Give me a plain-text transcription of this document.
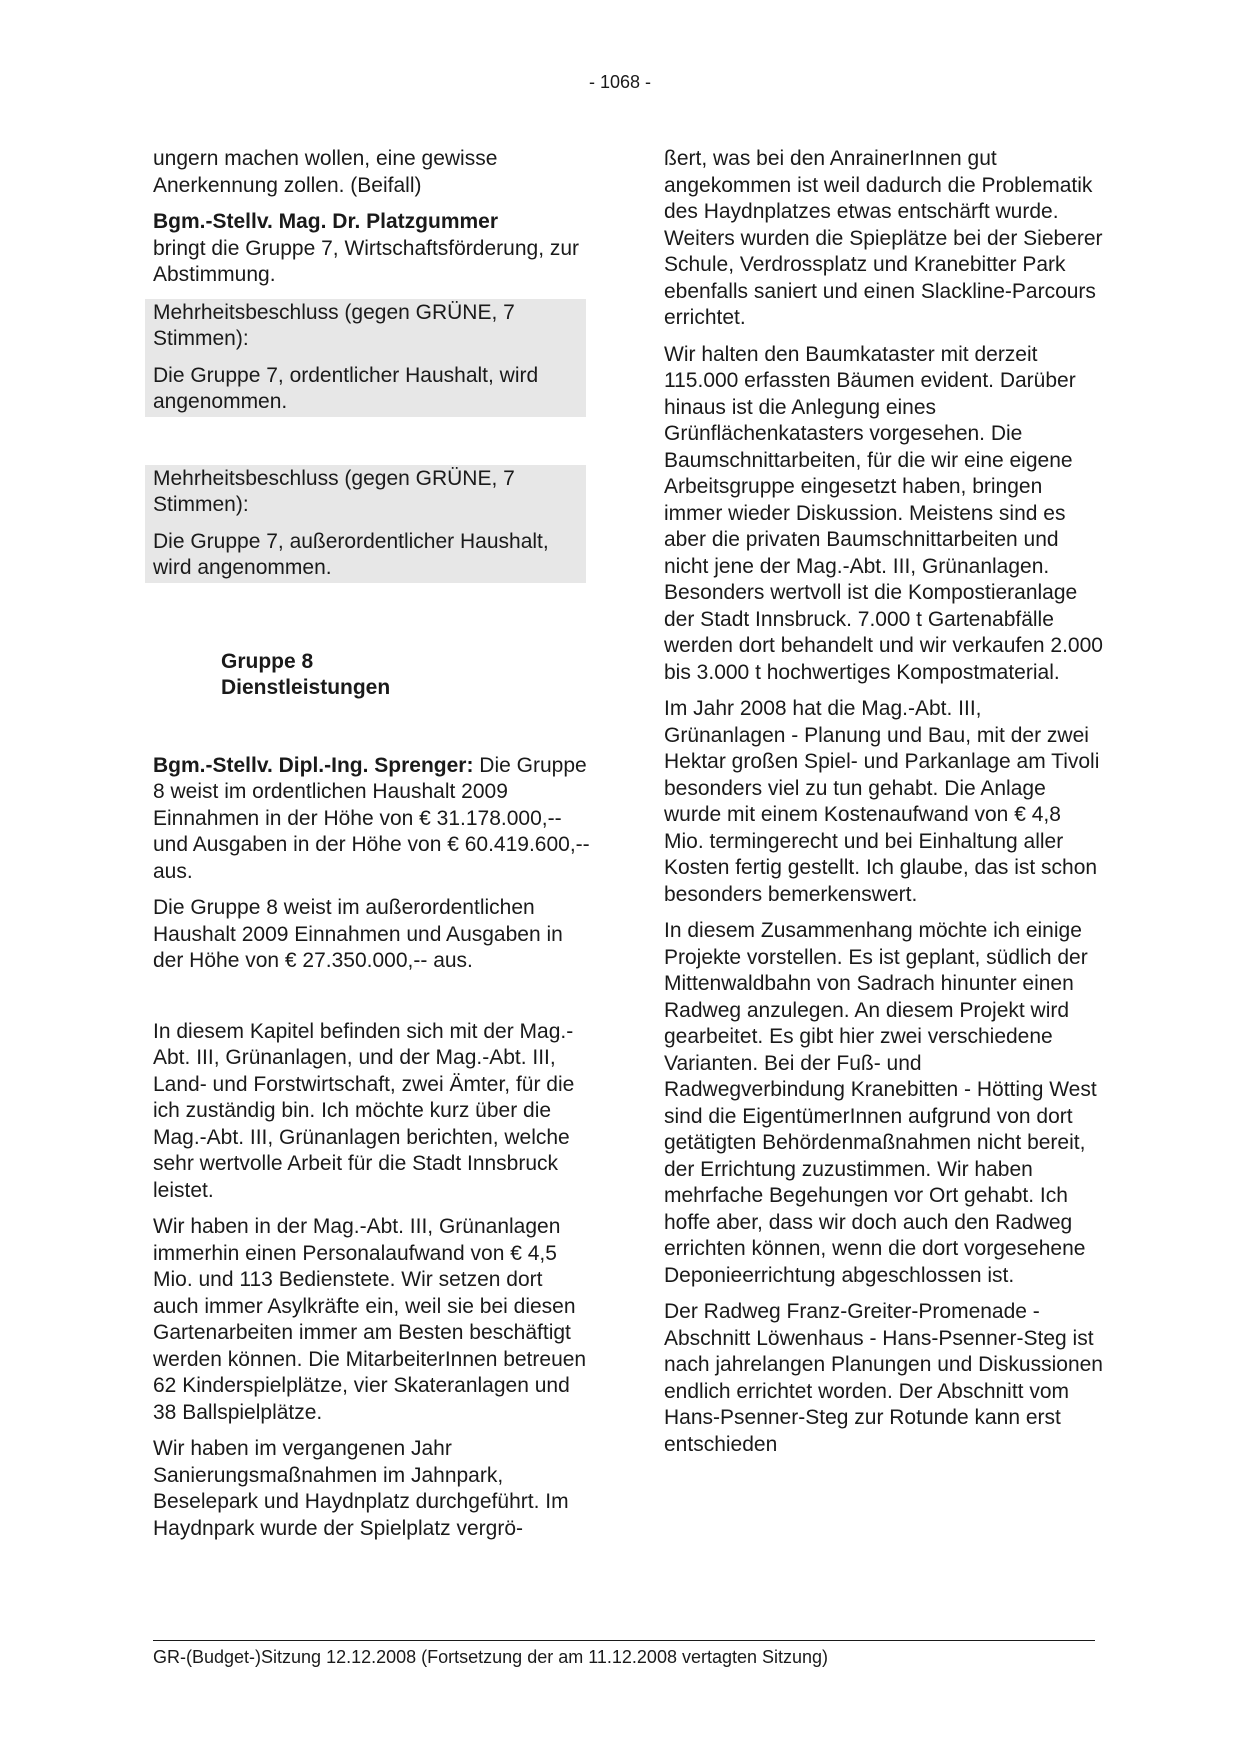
- 1068 -

ungern machen wollen, eine gewisse Anerkennung zollen. (Beifall)

Bgm.-Stellv. Mag. Dr. Platzgummer
bringt die Gruppe 7, Wirtschaftsförderung, zur Abstimmung.

Mehrheitsbeschluss (gegen GRÜNE, 7 Stimmen):

Die Gruppe 7, ordentlicher Haushalt, wird angenommen.

Mehrheitsbeschluss (gegen GRÜNE, 7 Stimmen):

Die Gruppe 7, außerordentlicher Haushalt, wird angenommen.

Gruppe 8
Dienstleistungen

Bgm.-Stellv. Dipl.-Ing. Sprenger: Die Gruppe 8 weist im ordentlichen Haushalt 2009 Einnahmen in der Höhe von € 31.178.000,-- und Ausgaben in der Höhe von € 60.419.600,-- aus.

Die Gruppe 8 weist im außerordentlichen Haushalt 2009 Einnahmen und Ausgaben in der Höhe von € 27.350.000,-- aus.

In diesem Kapitel befinden sich mit der Mag.-Abt. III, Grünanlagen, und der Mag.-Abt. III, Land- und Forstwirtschaft, zwei Ämter, für die ich zuständig bin. Ich möchte kurz über die Mag.-Abt. III, Grünanlagen berichten, welche sehr wertvolle Arbeit für die Stadt Innsbruck leistet.

Wir haben in der Mag.-Abt. III, Grünanlagen immerhin einen Personalaufwand von € 4,5 Mio. und 113 Bedienstete. Wir setzen dort auch immer Asylkräfte ein, weil sie bei diesen Gartenarbeiten immer am Besten beschäftigt werden können. Die MitarbeiterInnen betreuen 62 Kinderspielplätze, vier Skateranlagen und 38 Ballspielplätze.

Wir haben im vergangenen Jahr Sanierungsmaßnahmen im Jahnpark, Beselepark und Haydnplatz durchgeführt. Im Haydnpark wurde der Spielplatz vergrö-

ßert, was bei den AnrainerInnen gut angekommen ist weil dadurch die Problematik des Haydnplatzes etwas entschärft wurde. Weiters wurden die Spieplätze bei der Sieberer Schule, Verdrossplatz und Kranebitter Park ebenfalls saniert und einen Slackline-Parcours errichtet.

Wir halten den Baumkataster mit derzeit 115.000 erfassten Bäumen evident. Darüber hinaus ist die Anlegung eines Grünflächenkatasters vorgesehen. Die Baumschnittarbeiten, für die wir eine eigene Arbeitsgruppe eingesetzt haben, bringen immer wieder Diskussion. Meistens sind es aber die privaten Baumschnittarbeiten und nicht jene der Mag.-Abt. III, Grünanlagen. Besonders wertvoll ist die Kompostieranlage der Stadt Innsbruck. 7.000 t Gartenabfälle werden dort behandelt und wir verkaufen 2.000 bis 3.000 t hochwertiges Kompostmaterial.

Im Jahr 2008 hat die Mag.-Abt. III, Grünanlagen - Planung und Bau, mit der zwei Hektar großen Spiel- und Parkanlage am Tivoli besonders viel zu tun gehabt. Die Anlage wurde mit einem Kostenaufwand von € 4,8 Mio. termingerecht und bei Einhaltung aller Kosten fertig gestellt. Ich glaube, das ist schon besonders bemerkenswert.

In diesem Zusammenhang möchte ich einige Projekte vorstellen. Es ist geplant, südlich der Mittenwaldbahn von Sadrach hinunter einen Radweg anzulegen. An diesem Projekt wird gearbeitet. Es gibt hier zwei verschiedene Varianten. Bei der Fuß- und Radwegverbindung Kranebitten - Hötting West sind die EigentümerInnen aufgrund von dort getätigten Behördenmaßnahmen nicht bereit, der Errichtung zuzustimmen. Wir haben mehrfache Begehungen vor Ort gehabt. Ich hoffe aber, dass wir doch auch den Radweg errichten können, wenn die dort vorgesehene Deponieerrichtung abgeschlossen ist.

Der Radweg Franz-Greiter-Promenade - Abschnitt Löwenhaus - Hans-Psenner-Steg ist nach jahrelangen Planungen und Diskussionen endlich errichtet worden. Der Abschnitt vom Hans-Psenner-Steg zur Rotunde kann erst entschieden

GR-(Budget-)Sitzung 12.12.2008 (Fortsetzung der am 11.12.2008 vertagten Sitzung)
